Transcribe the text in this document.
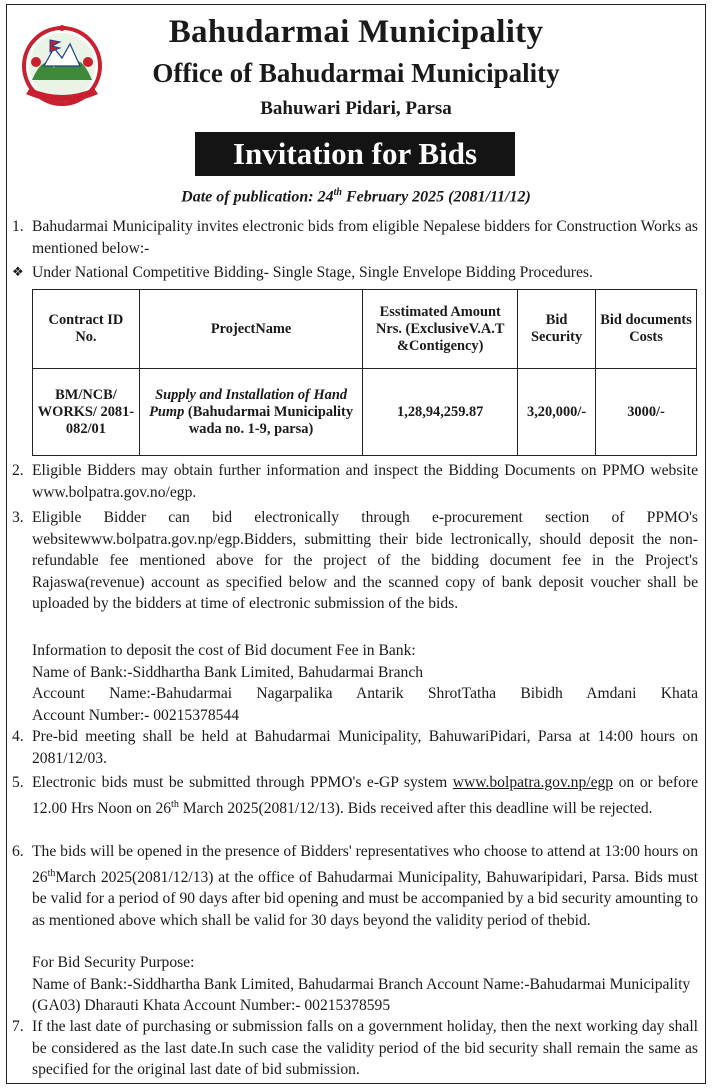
Bahudarmai Municipality
Office of Bahudarmai Municipality
Bahuwari Pidari, Parsa
Invitation for Bids
Date of publication: 24th February 2025 (2081/11/12)
1. Bahudarmai Municipality invites electronic bids from eligible Nepalese bidders for Construction Works as mentioned below:-
❖ Under National Competitive Bidding- Single Stage, Single Envelope Bidding Procedures.
Contract ID No.	ProjectName	Esstimated Amount Nrs. (ExclusiveV.A.T &Contigency)	Bid Security	Bid documents Costs
BM/NCB/ WORKS/ 2081-082/01	Supply and Installation of Hand Pump (Bahudarmai Municipality wada no. 1-9, parsa)	1,28,94,259.87	3,20,000/-	3000/-
2. Eligible Bidders may obtain further information and inspect the Bidding Documents on PPMO website www.bolpatra.gov.no/egp.
3. Eligible Bidder can bid electronically through e-procurement section of PPMO's websitewww.bolpatra.gov.np/egp.Bidders, submitting their bide lectronically, should deposit the non-refundable fee mentioned above for the project of the bidding document fee in the Project's Rajaswa(revenue) account as specified below and the scanned copy of bank deposit voucher shall be uploaded by the bidders at time of electronic submission of the bids.
Information to deposit the cost of Bid document Fee in Bank:
Name of Bank:-Siddhartha Bank Limited, Bahudarmai Branch
Account Name:-Bahudarmai Nagarpalika Antarik ShrotTatha Bibidh Amdani Khata
Account Number:- 00215378544
4. Pre-bid meeting shall be held at Bahudarmai Municipality, BahuwariPidari, Parsa at 14:00 hours on 2081/12/03.
5. Electronic bids must be submitted through PPMO's e-GP system www.bolpatra.gov.np/egp on or before 12.00 Hrs Noon on 26th March 2025(2081/12/13). Bids received after this deadline will be rejected.
6. The bids will be opened in the presence of Bidders' representatives who choose to attend at 13:00 hours on 26thMarch 2025(2081/12/13) at the office of Bahudarmai Municipality, Bahuwaripidari, Parsa. Bids must be valid for a period of 90 days after bid opening and must be accompanied by a bid security amounting to as mentioned above which shall be valid for 30 days beyond the validity period of thebid.
For Bid Security Purpose:
Name of Bank:-Siddhartha Bank Limited, Bahudarmai Branch Account Name:-Bahudarmai Municipality (GA03) Dharauti Khata Account Number:- 00215378595
7. If the last date of purchasing or submission falls on a government holiday, then the next working day shall be considered as the last date.In such case the validity period of the bid security shall remain the same as specified for the original last date of bid submission.
